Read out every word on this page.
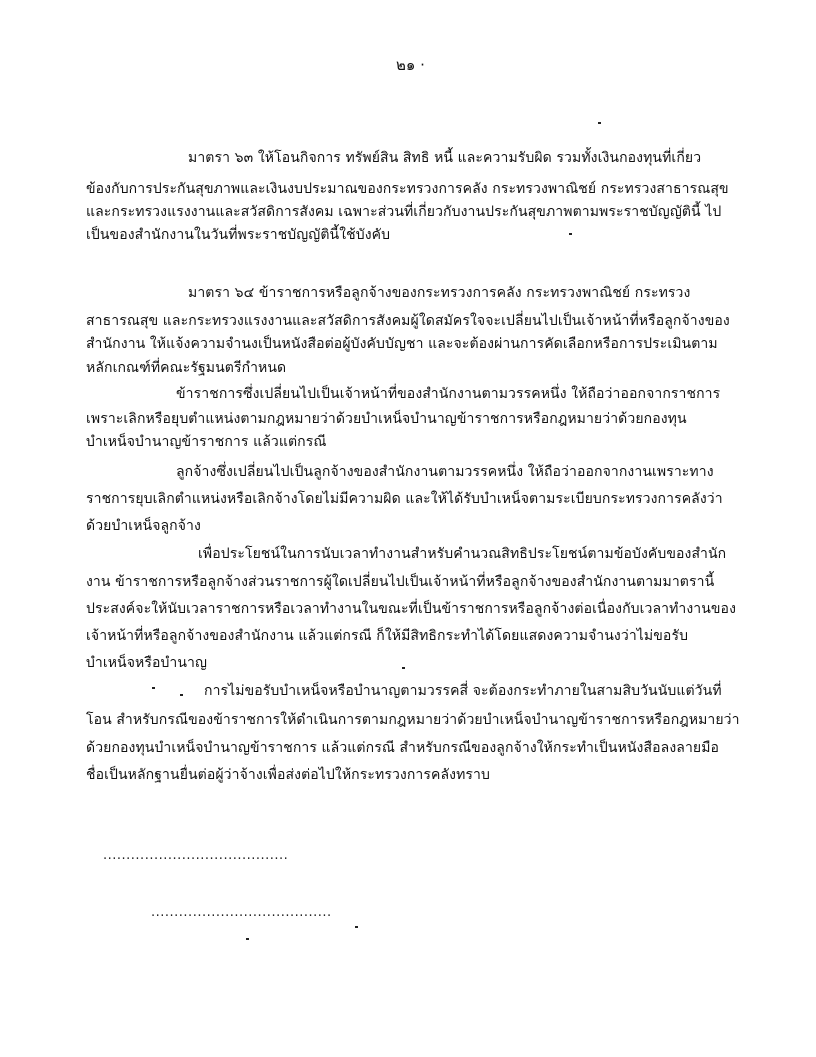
๒๑ ·
มาตรา ๖๓ ให้โอนกิจการ ทรัพย์สิน สิทธิ หนี้ และความรับผิด รวมทั้งเงินกองทุนที่เกี่ยว
ข้องกับการประกันสุขภาพและเงินงบประมาณของกระทรวงการคลัง กระทรวงพาณิชย์ กระทรวงสาธารณสุข
และกระทรวงแรงงานและสวัสดิการสังคม เฉพาะส่วนที่เกี่ยวกับงานประกันสุขภาพตามพระราชบัญญัตินี้ ไป
เป็นของสำนักงานในวันที่พระราชบัญญัตินี้ใช้บังคับ
มาตรา ๖๔ ข้าราชการหรือลูกจ้างของกระทรวงการคลัง กระทรวงพาณิชย์ กระทรวง
สาธารณสุข และกระทรวงแรงงานและสวัสดิการสังคมผู้ใดสมัครใจจะเปลี่ยนไปเป็นเจ้าหน้าที่หรือลูกจ้างของ
สำนักงาน ให้แจ้งความจำนงเป็นหนังสือต่อผู้บังคับบัญชา และจะต้องผ่านการคัดเลือกหรือการประเมินตาม
หลักเกณฑ์ที่คณะรัฐมนตรีกำหนด
ข้าราชการซึ่งเปลี่ยนไปเป็นเจ้าหน้าที่ของสำนักงานตามวรรคหนึ่ง ให้ถือว่าออกจากราชการ
เพราะเลิกหรือยุบตำแหน่งตามกฎหมายว่าด้วยบำเหน็จบำนาญข้าราชการหรือกฎหมายว่าด้วยกองทุน
บำเหน็จบำนาญข้าราชการ แล้วแต่กรณี
ลูกจ้างซึ่งเปลี่ยนไปเป็นลูกจ้างของสำนักงานตามวรรคหนึ่ง ให้ถือว่าออกจากงานเพราะทาง
ราชการยุบเลิกตำแหน่งหรือเลิกจ้างโดยไม่มีความผิด และให้ได้รับบำเหน็จตามระเบียบกระทรวงการคลังว่า
ด้วยบำเหน็จลูกจ้าง
เพื่อประโยชน์ในการนับเวลาทำงานสำหรับคำนวณสิทธิประโยชน์ตามข้อบังคับของสำนัก
งาน ข้าราชการหรือลูกจ้างส่วนราชการผู้ใดเปลี่ยนไปเป็นเจ้าหน้าที่หรือลูกจ้างของสำนักงานตามมาตรานี้
ประสงค์จะให้นับเวลาราชการหรือเวลาทำงานในขณะที่เป็นข้าราชการหรือลูกจ้างต่อเนื่องกับเวลาทำงานของ
เจ้าหน้าที่หรือลูกจ้างของสำนักงาน แล้วแต่กรณี ก็ให้มีสิทธิกระทำได้โดยแสดงความจำนงว่าไม่ขอรับ
บำเหน็จหรือบำนาญ
การไม่ขอรับบำเหน็จหรือบำนาญตามวรรคสี่ จะต้องกระทำภายในสามสิบวันนับแต่วันที่
โอน สำหรับกรณีของข้าราชการให้ดำเนินการตามกฎหมายว่าด้วยบำเหน็จบำนาญข้าราชการหรือกฎหมายว่า
ด้วยกองทุนบำเหน็จบำนาญข้าราชการ แล้วแต่กรณี สำหรับกรณีของลูกจ้างให้กระทำเป็นหนังสือลงลายมือ
ชื่อเป็นหลักฐานยื่นต่อผู้ว่าจ้างเพื่อส่งต่อไปให้กระทรวงการคลังทราบ
........................................
.......................................
